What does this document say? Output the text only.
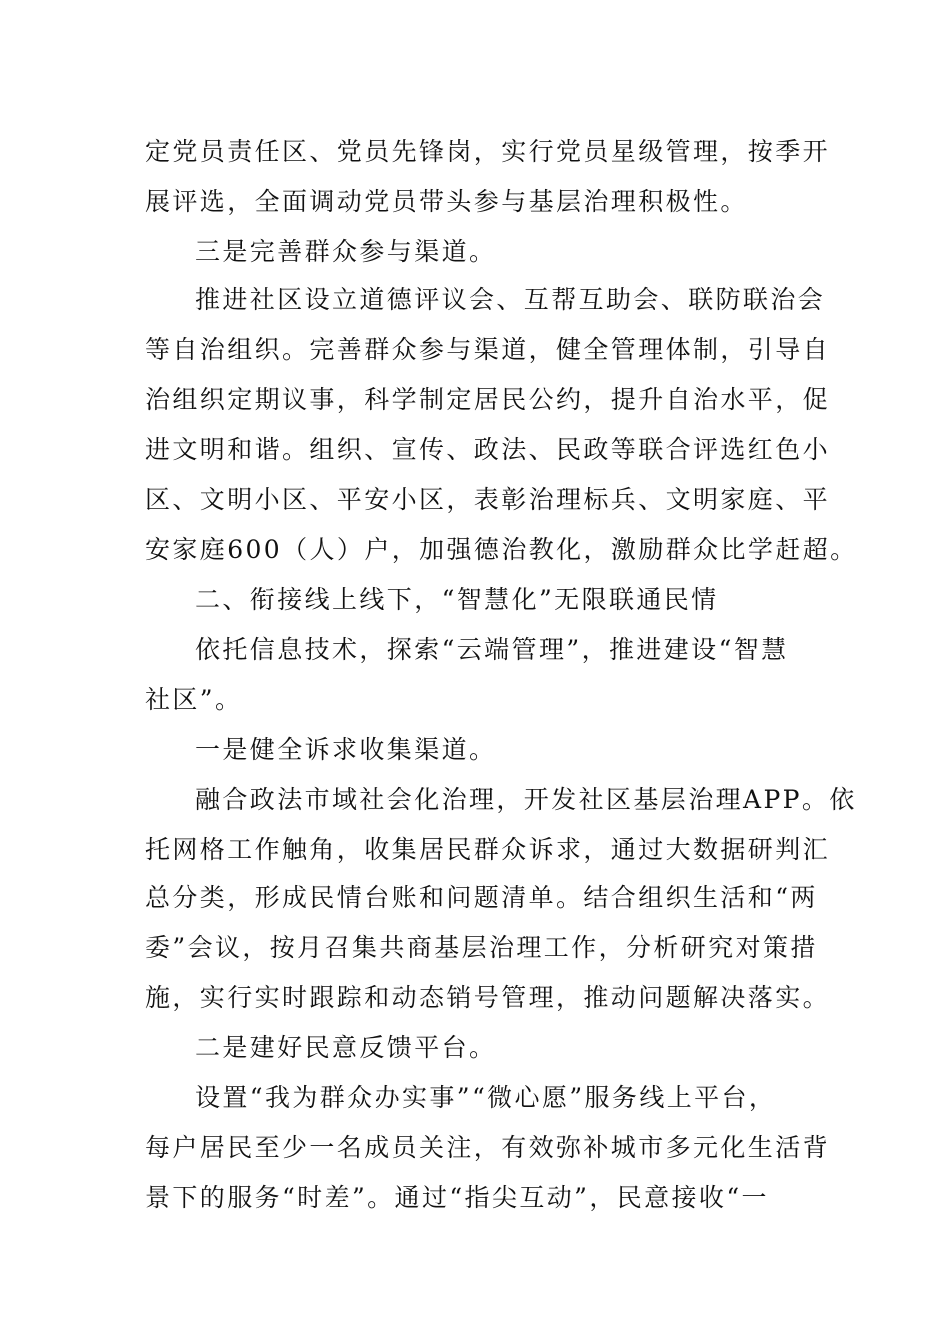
定党员责任区、党员先锋岗，实行党员星级管理，按季开
展评选，全面调动党员带头参与基层治理积极性。
三是完善群众参与渠道。
推进社区设立道德评议会、互帮互助会、联防联治会
等自治组织。完善群众参与渠道，健全管理体制，引导自
治组织定期议事，科学制定居民公约，提升自治水平，促
进文明和谐。组织、宣传、政法、民政等联合评选红色小
区、文明小区、平安小区，表彰治理标兵、文明家庭、平
安家庭600（人）户，加强德治教化，激励群众比学赶超。
二、衔接线上线下，“智慧化”无限联通民情
依托信息技术，探索“云端管理”，推进建设“智慧
社区”。
一是健全诉求收集渠道。
融合政法市域社会化治理，开发社区基层治理APP。依
托网格工作触角，收集居民群众诉求，通过大数据研判汇
总分类，形成民情台账和问题清单。结合组织生活和“两
委”会议，按月召集共商基层治理工作，分析研究对策措
施，实行实时跟踪和动态销号管理，推动问题解决落实。
二是建好民意反馈平台。
设置“我为群众办实事”“微心愿”服务线上平台，
每户居民至少一名成员关注，有效弥补城市多元化生活背
景下的服务“时差”。通过“指尖互动”，民意接收“一
